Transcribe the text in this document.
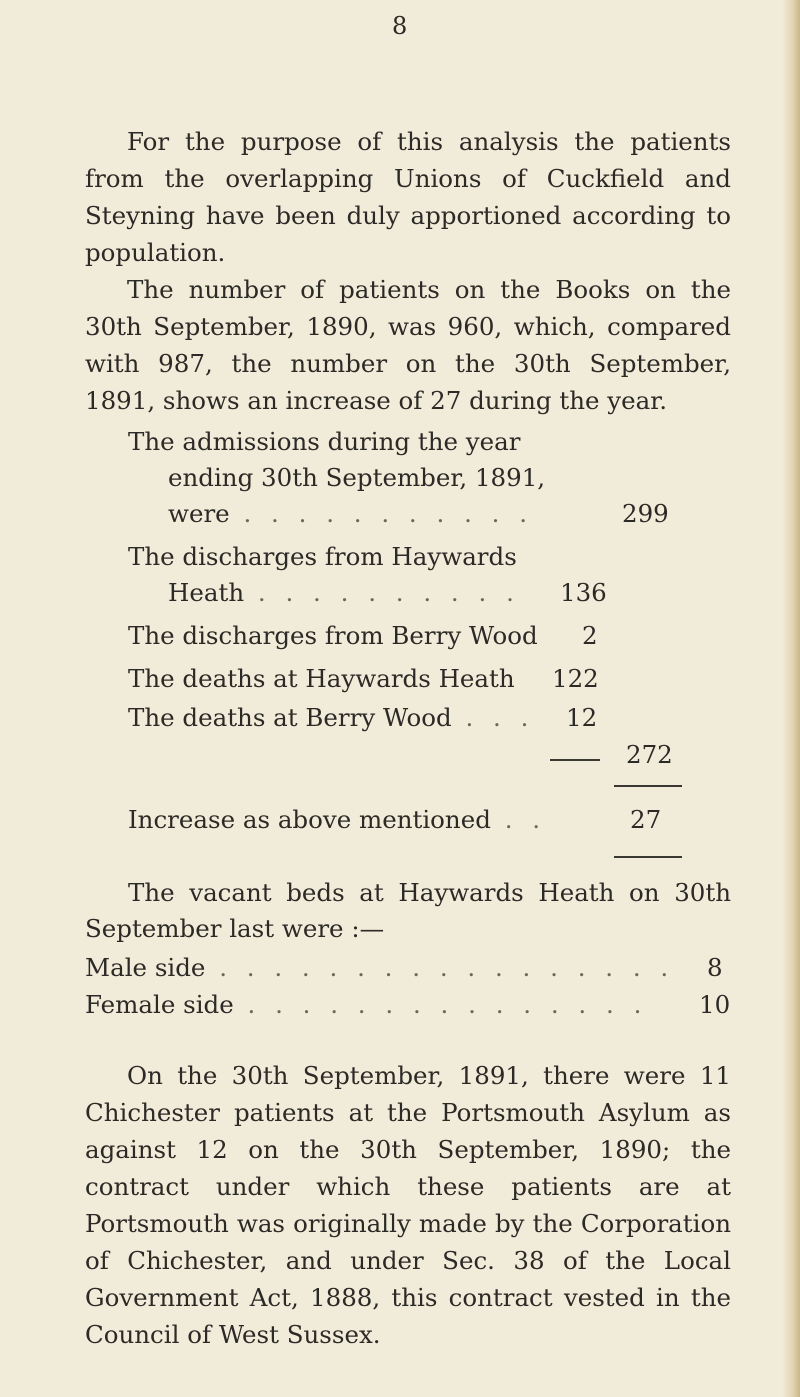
8

For the purpose of this analysis the patients from the overlapping Unions of Cuckfield and Steyning have been duly apportioned according to population.

The number of patients on the Books on the 30th September, 1890, was 960, which, compared with 987, the number on the 30th September, 1891, shows an increase of 27 during the year.

The admissions during the year
ending 30th September, 1891,
were . . . . . . . . . . .	299
The discharges from Haywards
Heath . . . . . . . . . . 136
The discharges from Berry Wood 2
The deaths at Haywards Heath 122
The deaths at Berry Wood . . . 12
272
Increase as above mentioned . .	27
The vacant beds at Haywards Heath on 30th
September last were :—
Male side . . . . . . . . . . . . . . . . . 8
Female side . . . . . . . . . . . . . . . 10

On the 30th September, 1891, there were 11 Chichester patients at the Portsmouth Asylum as against 12 on the 30th September, 1890; the contract under which these patients are at Portsmouth was originally made by the Corporation of Chichester, and under Sec. 38 of the Local Government Act, 1888, this contract vested in the Council of West Sussex.
